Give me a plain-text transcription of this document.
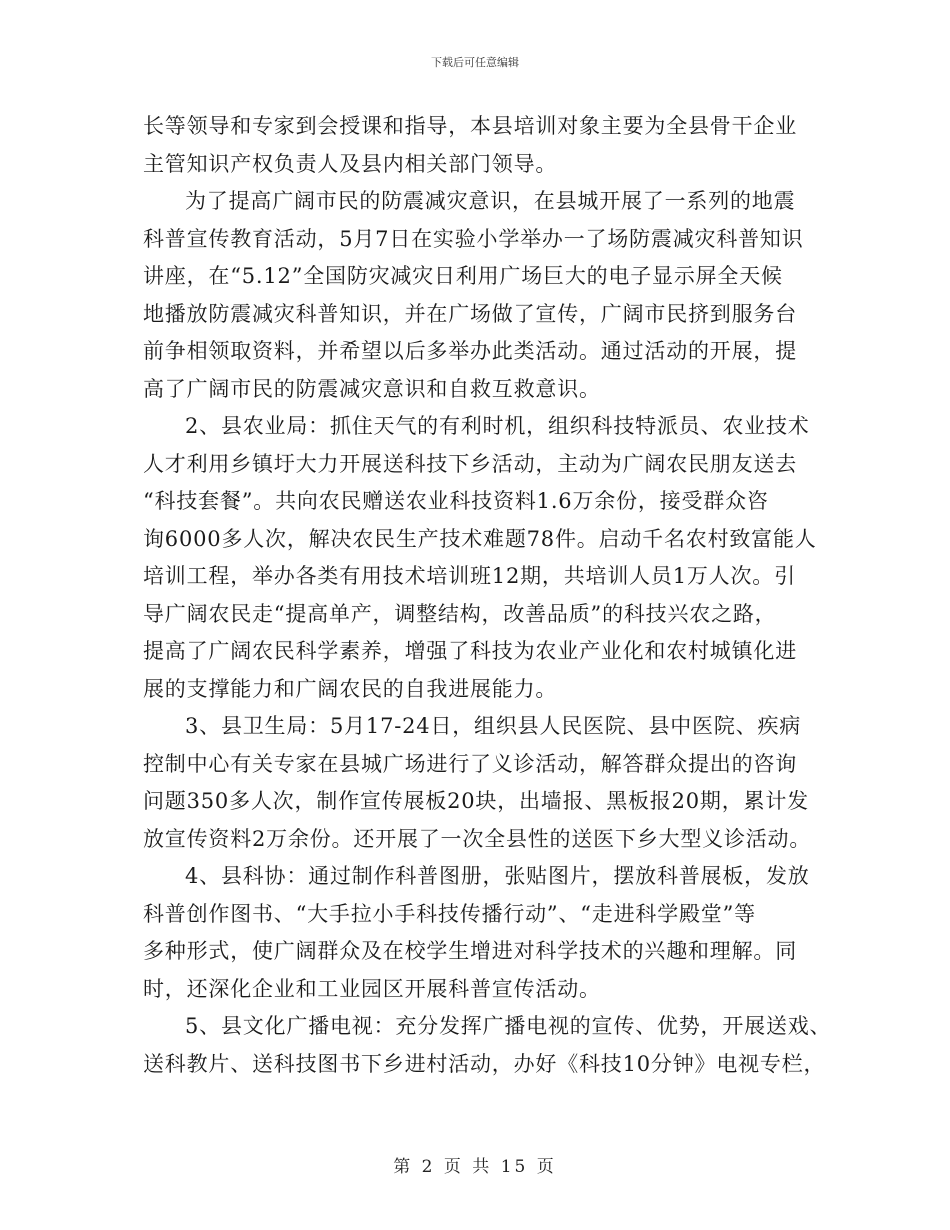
下载后可任意编辑
长等领导和专家到会授课和指导，本县培训对象主要为全县骨干企业
主管知识产权负责人及县内相关部门领导。
为了提高广阔市民的防震减灾意识，在县城开展了一系列的地震
科普宣传教育活动，5月7日在实验小学举办一了场防震减灾科普知识
讲座，在“5.12”全国防灾减灾日利用广场巨大的电子显示屏全天候
地播放防震减灾科普知识，并在广场做了宣传，广阔市民挤到服务台
前争相领取资料，并希望以后多举办此类活动。通过活动的开展，提
高了广阔市民的防震减灾意识和自救互救意识。
2、县农业局：抓住天气的有利时机，组织科技特派员、农业技术
人才利用乡镇圩大力开展送科技下乡活动，主动为广阔农民朋友送去
“科技套餐”。共向农民赠送农业科技资料1.6万余份，接受群众咨
询6000多人次，解决农民生产技术难题78件。启动千名农村致富能人
培训工程，举办各类有用技术培训班12期，共培训人员1万人次。引
导广阔农民走“提高单产，调整结构，改善品质”的科技兴农之路，
提高了广阔农民科学素养，增强了科技为农业产业化和农村城镇化进
展的支撑能力和广阔农民的自我进展能力。
3、县卫生局：5月17-24日，组织县人民医院、县中医院、疾病
控制中心有关专家在县城广场进行了义诊活动，解答群众提出的咨询
问题350多人次，制作宣传展板20块，出墙报、黑板报20期，累计发
放宣传资料2万余份。还开展了一次全县性的送医下乡大型义诊活动。
4、县科协：通过制作科普图册，张贴图片，摆放科普展板，发放
科普创作图书、“大手拉小手科技传播行动”、“走进科学殿堂”等
多种形式，使广阔群众及在校学生增进对科学技术的兴趣和理解。同
时，还深化企业和工业园区开展科普宣传活动。
5、县文化广播电视：充分发挥广播电视的宣传、优势，开展送戏、
送科教片、送科技图书下乡进村活动，办好《科技10分钟》电视专栏，
第 2 页 共 15 页
